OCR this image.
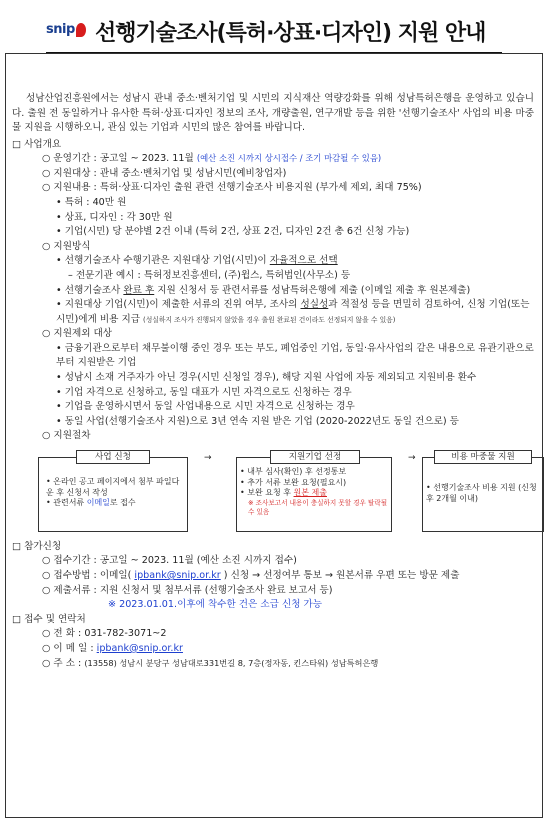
snip 선행기술조사(특허·상표·디자인) 지원 안내
성남산업진흥원에서는 성남시 관내 중소·벤처기업 및 시민의 지식재산 역량강화를 위해 성남특허은행을 운영하고 있습니다. 출원 전 동일하거나 유사한 특허·상표·디자인 정보의 조사, 개량출원, 연구개발 등을 위한 '선행기술조사' 사업의 비용 마중물 지원을 시행하오니, 관심 있는 기업과 시민의 많은 참여를 바랍니다.
□ 사업개요
○ 운영기간 : 공고일 ~ 2023. 11월 (예산 소진 시까지 상시접수 / 조기 마감될 수 있음)
○ 지원대상 : 관내 중소·벤처기업 및 성남시민(예비창업자)
○ 지원내용 : 특허·상표·디자인 출원 관련 선행기술조사 비용지원 (부가세 제외, 최대 75%)
• 특허 : 40만 원
• 상표, 디자인 : 각 30만 원
• 기업(시민) 당 분야별 2건 이내 (특허 2건, 상표 2건, 디자인 2건 총 6건 신청 가능)
○ 지원방식
• 선행기술조사 수행기관은 지원대상 기업(시민)이 자율적으로 선택
– 전문기관 예시 : 특허정보진흥센터, (주)윕스, 특허법인(사무소) 등
• 선행기술조사 완료 후 지원 신청서 등 관련서류를 성남특허은행에 제출 (이메일 제출 후 원본제출)
• 지원대상 기업(시민)이 제출한 서류의 진위 여부, 조사의 성실성과 적절성 등을 면밀히 검토하여, 신청 기업(또는 시민)에게 비용 지급 (성실하지 조사가 진행되지 않았을 경우 출원 완료된 건이라도 선정되지 않을 수 있음)
○ 지원제외 대상
• 금융기관으로부터 채무불이행 중인 경우 또는 부도, 폐업중인 기업, 동일·유사사업의 같은 내용으로 유관기관으로부터 지원받은 기업
• 성남시 소재 거주자가 아닌 경우(시민 신청일 경우), 해당 지원 사업에 자동 제외되고 지원비용 환수
• 기업 자격으로 신청하고, 동일 대표가 시민 자격으로도 신청하는 경우
• 기업을 운영하시면서 동일 사업내용으로 시민 자격으로 신청하는 경우
• 동일 사업(선행기술조사 지원)으로 3년 연속 지원 받은 기업 (2020-2022년도 동일 건으로) 등
○ 지원절차
사업 신청
• 온라인 공고 페이지에서 첨부 파일다운 후 신청서 작성
• 관련서류 이메일로 접수
→	지원기업 선정
• 내부 심사(확인) 후 선정통보
• 추가 서류 보완 요청(필요시)
• 보완 요청 후 원본 제출
※ 조사보고서 내용이 충실하지 못할 경우 탈락될 수 있음
→	비용 마중물 지원
• 선행기술조사 비용 지원 (신청 후 2개월 이내)
□ 참가신청
○ 접수기간 : 공고일 ~ 2023. 11월 (예산 소진 시까지 접수)
○ 접수방법 : 이메일( ipbank@snip.or.kr ) 신청 → 선정여부 통보 → 원본서류 우편 또는 방문 제출
○ 제출서류 : 지원 신청서 및 첨부서류 (선행기술조사 완료 보고서 등)
※ 2023.01.01.이후에 착수한 건은 소급 신청 가능
□ 접수 및 연락처
○ 전 화 : 031-782-3071~2
○ 이 메 일 : ipbank@snip.or.kr
○ 주 소 : (13558) 성남시 분당구 성남대로331번길 8, 7층(정자동, 킨스타워) 성남특허은행
